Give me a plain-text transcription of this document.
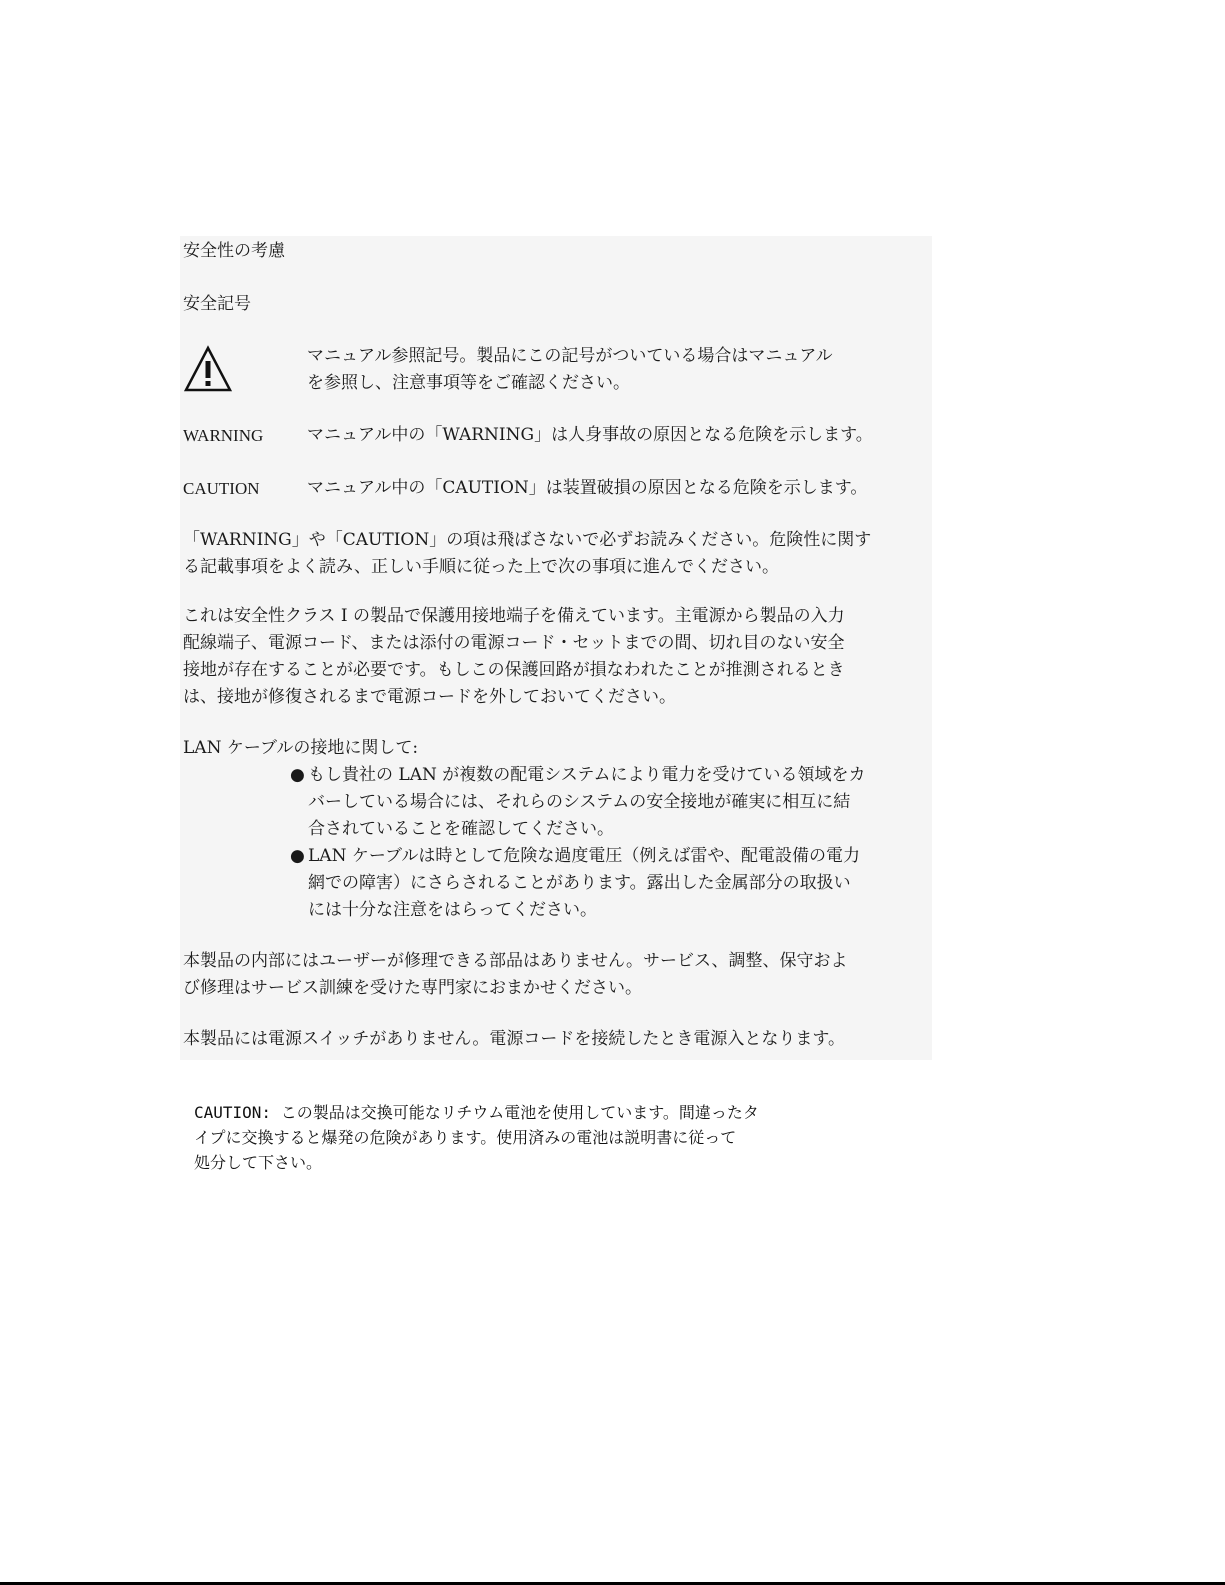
安全性の考慮

安全記号

マニュアル参照記号。製品にこの記号がついている場合はマニュアル

を参照し、注意事項等をご確認ください。

WARNING	マニュアル中の「WARNING」は人身事故の原因となる危険を示します。

CAUTION	マニュアル中の「CAUTION」は装置破損の原因となる危険を示します。

「WARNING」や「CAUTION」の項は飛ばさないで必ずお読みください。危険性に関す

る記載事項をよく読み、正しい手順に従った上で次の事項に進んでください。

これは安全性クラス I の製品で保護用接地端子を備えています。主電源から製品の入力

配線端子、電源コード、または添付の電源コード・セットまでの間、切れ目のない安全

接地が存在することが必要です。もしこの保護回路が損なわれたことが推測されるとき

は、接地が修復されるまで電源コードを外しておいてください。

LAN ケーブルの接地に関して:

● もし貴社の LAN が複数の配電システムにより電力を受けている領域をカ

バーしている場合には、それらのシステムの安全接地が確実に相互に結

合されていることを確認してください。

● LAN ケーブルは時として危険な過度電圧（例えば雷や、配電設備の電力

網での障害）にさらされることがあります。露出した金属部分の取扱い

には十分な注意をはらってください。

本製品の内部にはユーザーが修理できる部品はありません。サービス、調整、保守およ

び修理はサービス訓練を受けた専門家におまかせください。

本製品には電源スイッチがありません。電源コードを接続したとき電源入となります。

CAUTION: この製品は交換可能なリチウム電池を使用しています。間違ったタ

イプに交換すると爆発の危険があります。使用済みの電池は説明書に従って

処分して下さい。
